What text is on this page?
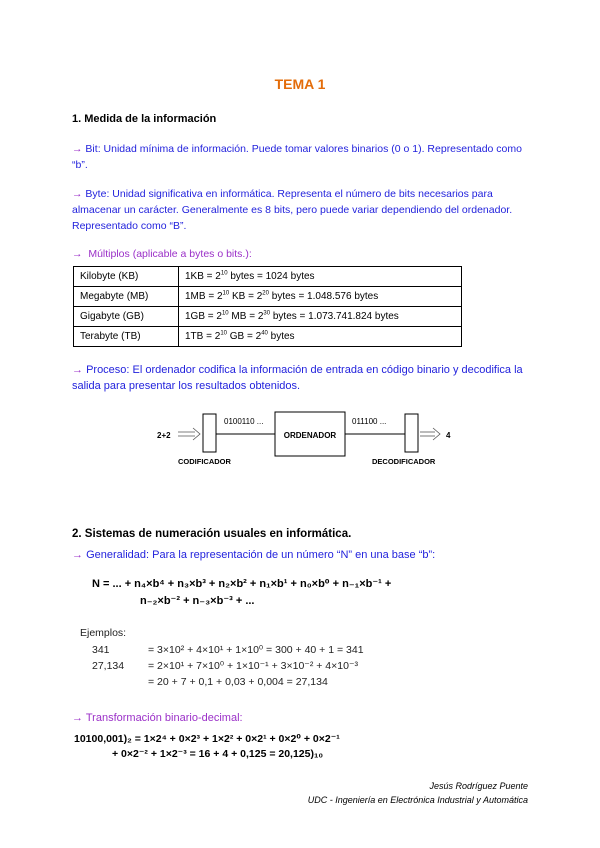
TEMA 1
1. Medida de la información
→ Bit: Unidad mínima de información. Puede tomar valores binarios (0 o 1). Representado como “b”.
→ Byte: Unidad significativa en informática. Representa el número de bits necesarios para almacenar un carácter. Generalmente es 8 bits, pero puede variar dependiendo del ordenador. Representado como “B”.
→ Múltiplos (aplicable a bytes o bits.):
Kilobyte (KB)	$1KB = 2^{10}$ bytes = 1024 bytes
Megabyte (MB)	$1MB = 2^{10}$ KB = $2^{20}$ bytes = 1.048.576 bytes
Gigabyte (GB)	$1GB = 2^{10}$ MB = $2^{30}$ bytes = 1.073.741.824 bytes
Terabyte (TB)	$1TB = 2^{10}$ GB = $2^{40}$ bytes
→ Proceso: El ordenador codifica la información de entrada en código binario y decodifica la salida para presentar los resultados obtenidos.
2+2
0100110 ...
CODIFICADOR
ORDENADOR
011100 ...
DECODIFICADOR
4
2. Sistemas de numeración usuales en informática.
→ Generalidad: Para la representación de un número “N” en una base “b”:
N = ... + n₄×b⁴ + n₃×b³ + n₂×b² + n₁×b¹ + n₀×b⁰ + n₋₁×b⁻¹ +
n₋₂×b⁻² + n₋₃×b⁻³ + ...
Ejemplos:
341	= 3×10² + 4×10¹ + 1×10⁰ = 300 + 40 + 1 = 341
27,134 = 2×10¹ + 7×10⁰ + 1×10⁻¹ + 3×10⁻² + 4×10⁻³
= 20 + 7 + 0,1 + 0,03 + 0,004 = 27,134
→ Transformación binario-decimal:
10100,001)₂ = 1×2⁴ + 0×2³ + 1×2² + 0×2¹ + 0×2⁰ + 0×2⁻¹
+ 0×2⁻² + 1×2⁻³ = 16 + 4 + 0,125 = 20,125)₁₀
Jesús Rodríguez Puente
UDC - Ingeniería en Electrónica Industrial y Automática
